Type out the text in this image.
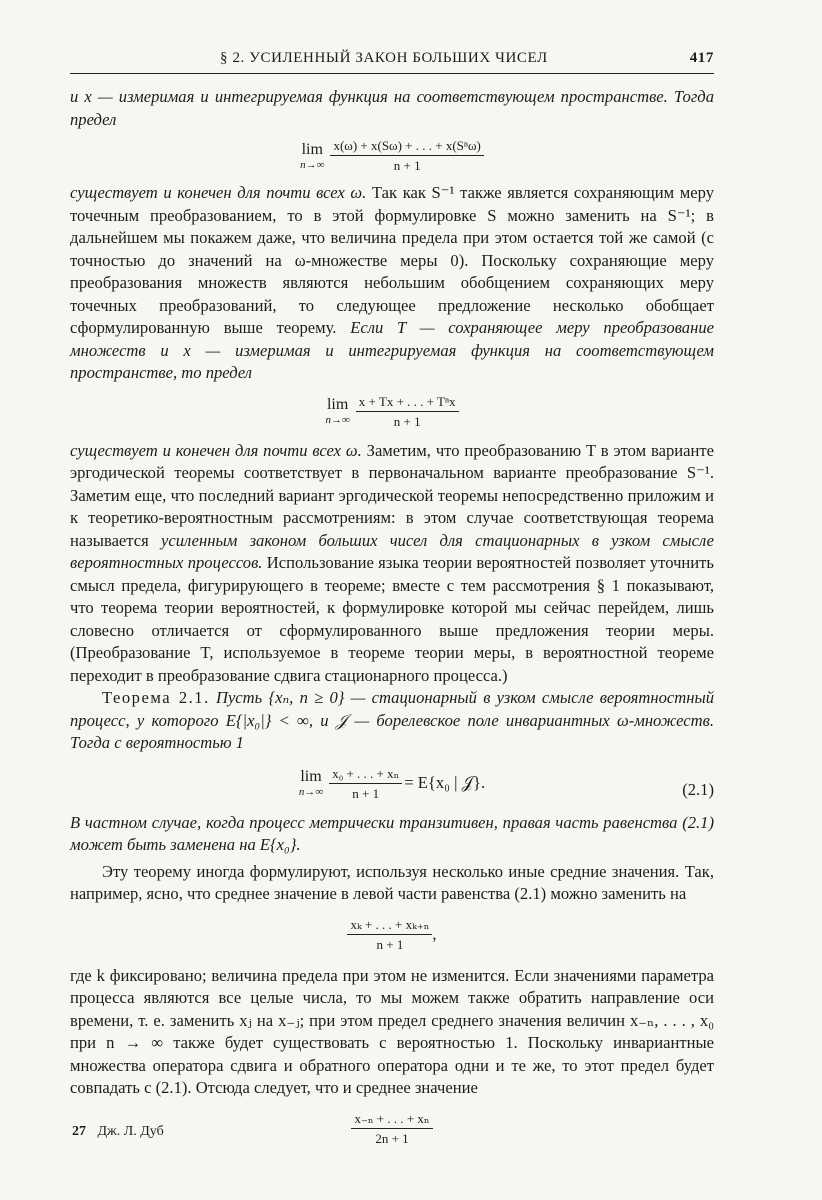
§ 2. УСИЛЕННЫЙ ЗАКОН БОЛЬШИХ ЧИСЕЛ	417

и x — измеримая и интегрируемая функция на соответствующем пространстве. Тогда предел

lim
$n\to\infty \frac{\text{x(ω) + x(Sω) + . . . + x(Sⁿω)}}{n + 1}$

существует и конечен для почти всех ω. Так как S⁻¹ также является сохраняющим меру точечным преобразованием, то в этой формулировке S можно заменить на S⁻¹; в дальнейшем мы покажем даже, что величина предела при этом остается той же самой (с точностью до значений на ω-множестве меры 0). Поскольку сохраняющие меру преобразования множеств являются небольшим обобщением сохраняющих меру точечных преобразований, то следующее предложение несколько обобщает сформулированную выше теорему. Если T — сохраняющее меру преобразование множеств и x — измеримая и интегрируемая функция на соответствующем пространстве, то предел

lim
$n\to\infty \frac{\text{x + Tx + . . . + Tⁿx}}{n + 1}$

существует и конечен для почти всех ω. Заметим, что преобразованию T в этом варианте эргодической теоремы соответствует в первоначальном варианте преобразование S⁻¹. Заметим еще, что последний вариант эргодической теоремы непосредственно приложим и к теоретико-вероятностным рассмотрениям: в этом случае соответствующая теорема называется усиленным законом больших чисел для стационарных в узком смысле вероятностных процессов. Использование языка теории вероятностей позволяет уточнить смысл предела, фигурирующего в теореме; вместе с тем рассмотрения § 1 показывают, что теорема теории вероятностей, к формулировке которой мы сейчас перейдем, лишь словесно отличается от сформулированного выше предложения теории меры. (Преобразование T, используемое в теореме теории меры, в вероятностной теореме переходит в преобразование сдвига стационарного процесса.)

Теорема 2.1. Пусть {xₙ, n ≥ 0} — стационарный в узком смысле вероятностный процесс, у которого E{|x₀|} < ∞, и 𝒥 — борелевское поле инвариантных ω-множеств. Тогда с вероятностью 1

lim
$n\to\infty \frac{\text{x₀ + . . . + xₙ}}{n + 1} = E\{x_0$ | 𝒥}.	(2.1)

В частном случае, когда процесс метрически транзитивен, правая часть равенства (2.1) может быть заменена на E{x₀}.

Эту теорему иногда формулируют, используя несколько иные средние значения. Так, например, ясно, что среднее значение в левой части равенства (2.1) можно заменить на

$\frac{\text{xₖ + . . . + xₖ₊ₙ}}{n + 1}$ ,

где k фиксировано; величина предела при этом не изменится. Если значениями параметра процесса являются все целые числа, то мы можем также обратить направление оси времени, т. е. заменить xⱼ на x₋ⱼ; при этом предел среднего значения величин x₋ₙ, . . . , x₀ при n → ∞ также будет существовать с вероятностью 1. Поскольку инвариантные множества оператора сдвига и обратного оператора одни и те же, то этот предел будет совпадать с (2.1). Отсюда следует, что и среднее значение

$\frac{\text{x₋ₙ + . . . + xₙ}}{2n + 1}$
27 Дж. Л. Дуб
